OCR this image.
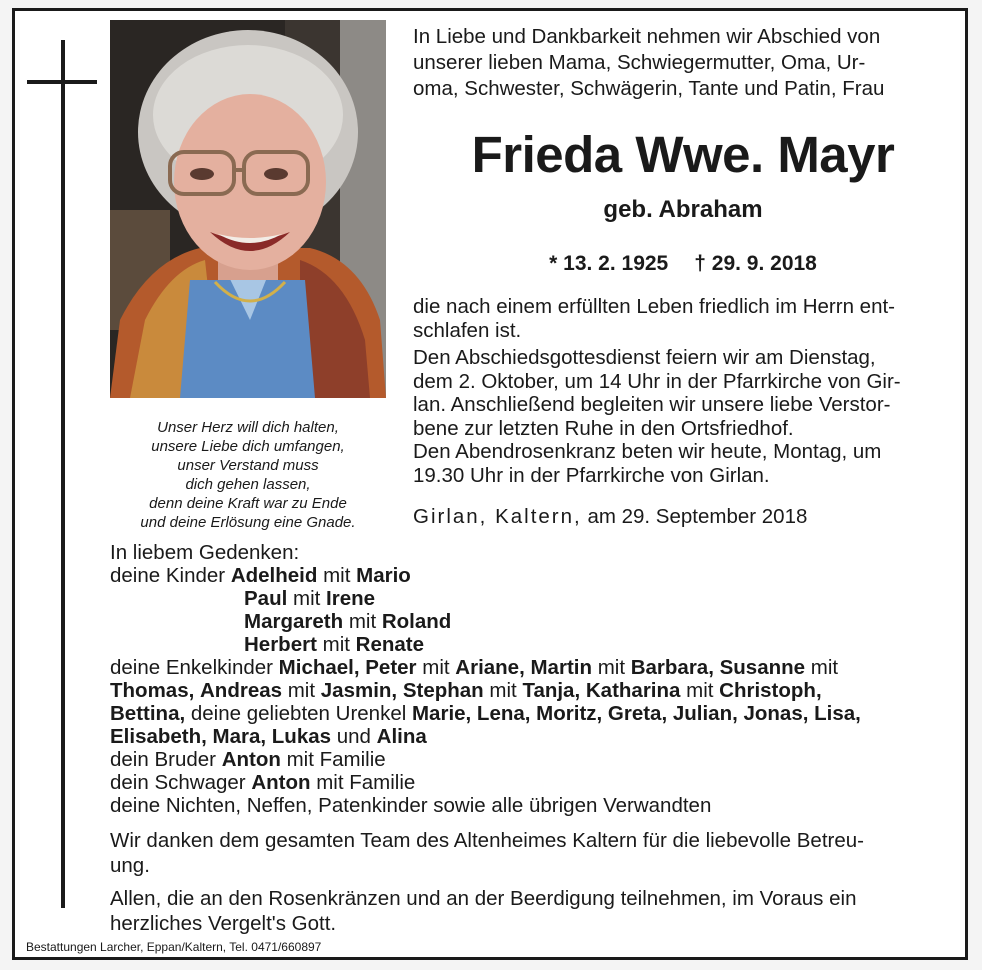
Unser Herz will dich halten,
unsere Liebe dich umfangen,
unser Verstand muss
dich gehen lassen,
denn deine Kraft war zu Ende
und deine Erlösung eine Gnade.
In Liebe und Dankbarkeit nehmen wir Abschied von
unserer lieben Mama, Schwiegermutter, Oma, Ur-
oma, Schwester, Schwägerin, Tante und Patin, Frau
Frieda Wwe. Mayr
geb. Abraham
* 13. 2. 1925 † 29. 9. 2018
die nach einem erfüllten Leben friedlich im Herrn ent-
schlafen ist.
Den Abschiedsgottesdienst feiern wir am Dienstag,
dem 2. Oktober, um 14 Uhr in der Pfarrkirche von Gir-
lan. Anschließend begleiten wir unsere liebe Verstor-
bene zur letzten Ruhe in den Ortsfriedhof.
Den Abendrosenkranz beten wir heute, Montag, um
19.30 Uhr in der Pfarrkirche von Girlan.
Girlan, Kaltern, am 29. September 2018
In liebem Gedenken:
deine Kinder Adelheid mit Mario
Paul mit Irene
Margareth mit Roland
Herbert mit Renate
deine Enkelkinder Michael, Peter mit Ariane, Martin mit Barbara, Susanne mit
Thomas, Andreas mit Jasmin, Stephan mit Tanja, Katharina mit Christoph,
Bettina, deine geliebten Urenkel Marie, Lena, Moritz, Greta, Julian, Jonas, Lisa,
Elisabeth, Mara, Lukas und Alina
dein Bruder Anton mit Familie
dein Schwager Anton mit Familie
deine Nichten, Neffen, Patenkinder sowie alle übrigen Verwandten
Wir danken dem gesamten Team des Altenheimes Kaltern für die liebevolle Betreu-
ung.
Allen, die an den Rosenkränzen und an der Beerdigung teilnehmen, im Voraus ein
herzliches Vergelt's Gott.
Bestattungen Larcher, Eppan/Kaltern, Tel. 0471/660897
